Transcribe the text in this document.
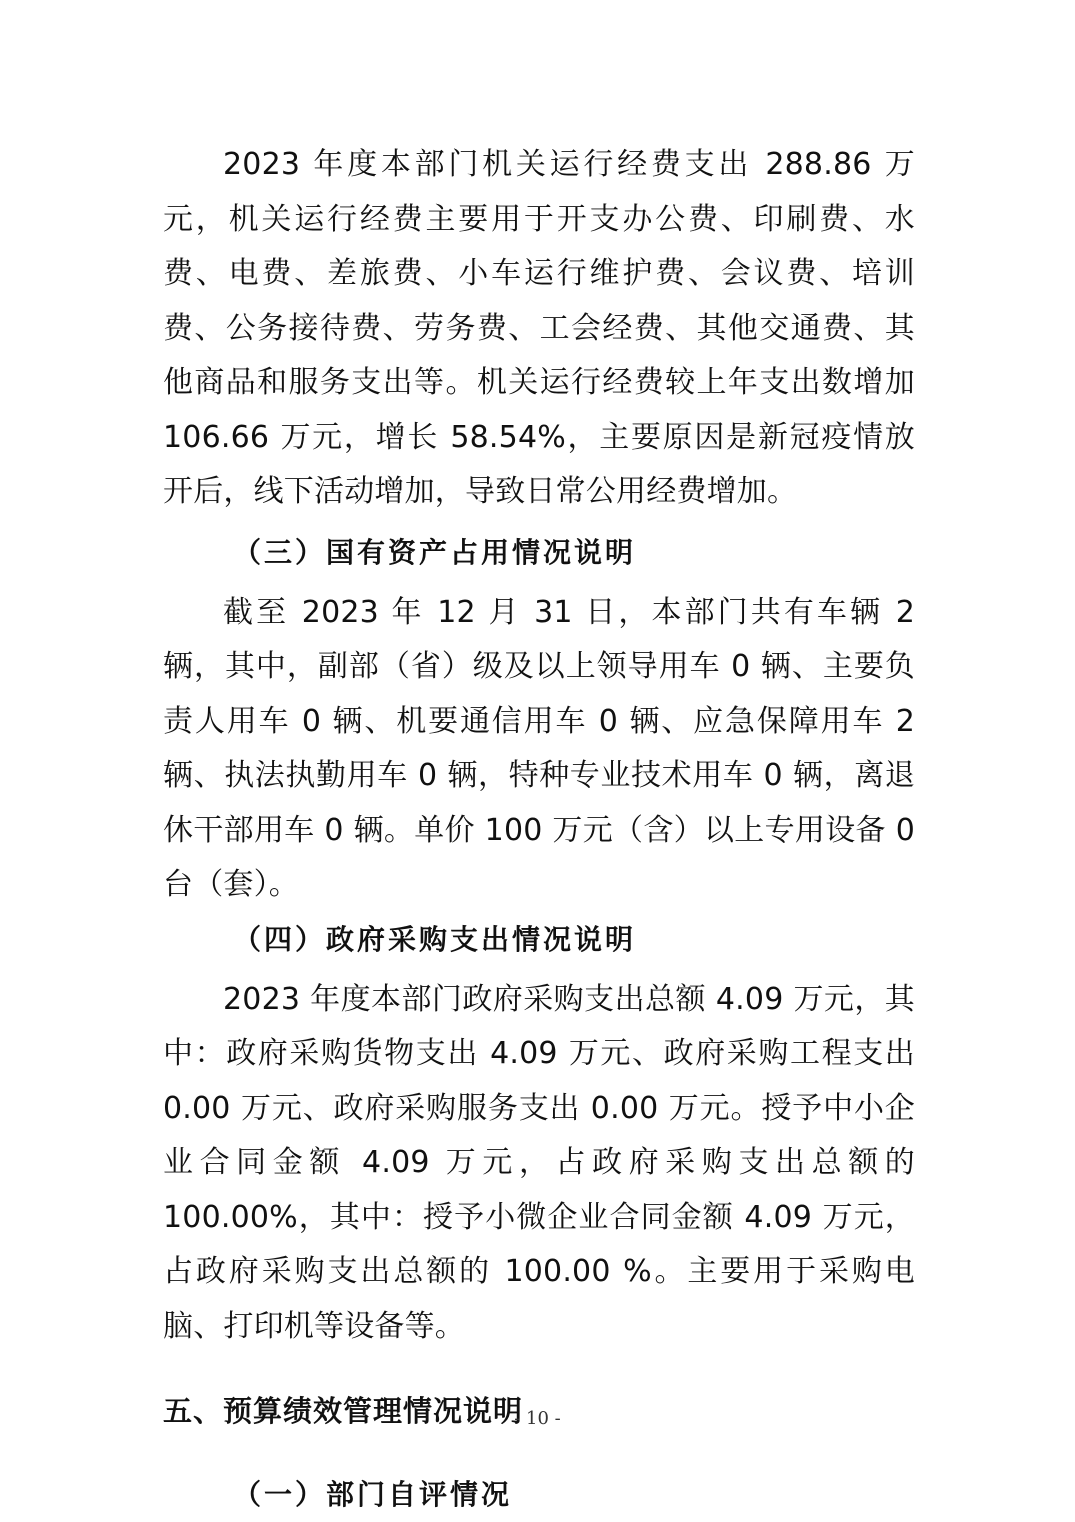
2023 年度本部门机关运行经费支出 288.86 万元，机关运行经费主要用于开支办公费、印刷费、水费、电费、差旅费、小车运行维护费、会议费、培训费、公务接待费、劳务费、工会经费、其他交通费、其他商品和服务支出等。机关运行经费较上年支出数增加 106.66 万元，增长 58.54%，主要原因是新冠疫情放开后，线下活动增加，导致日常公用经费增加。

（三）国有资产占用情况说明

截至 2023 年 12 月 31 日，本部门共有车辆 2 辆，其中，副部（省）级及以上领导用车 0 辆、主要负责人用车 0 辆、机要通信用车 0 辆、应急保障用车 2 辆、执法执勤用车 0 辆，特种专业技术用车 0 辆，离退休干部用车 0 辆。单价 100 万元（含）以上专用设备 0 台（套）。

（四）政府采购支出情况说明

2023 年度本部门政府采购支出总额 4.09 万元，其中：政府采购货物支出 4.09 万元、政府采购工程支出 0.00 万元、政府采购服务支出 0.00 万元。授予中小企业合同金额 4.09 万元，占政府采购支出总额的 100.00%，其中：授予小微企业合同金额 4.09 万元，占政府采购支出总额的 100.00 %。主要用于采购电脑、打印机等设备等。

五、预算绩效管理情况说明

（一）部门自评情况

- 10 -
